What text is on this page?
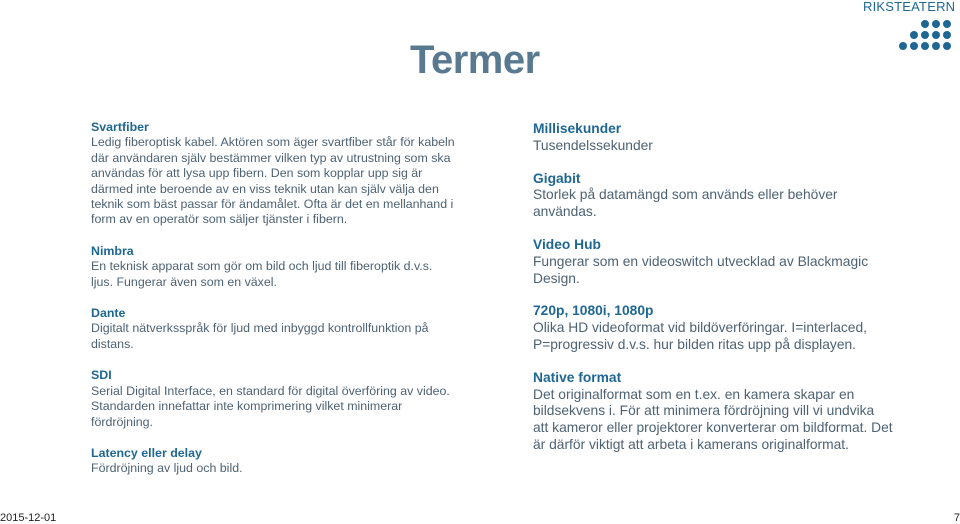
RIKSTEATERN
Termer

Svartfiber
Ledig fiberoptisk kabel. Aktören som äger svartfiber står för kabeln där användaren själv bestämmer vilken typ av utrustning som ska användas för att lysa upp fibern. Den som kopplar upp sig är därmed inte beroende av en viss teknik utan kan själv välja den teknik som bäst passar för ändamålet. Ofta är det en mellanhand i form av en operatör som säljer tjänster i fibern.

Nimbra
En teknisk apparat som gör om bild och ljud till fiberoptik d.v.s. ljus. Fungerar även som en växel.

Dante
Digitalt nätverksspråk för ljud med inbyggd kontrollfunktion på distans.

SDI
Serial Digital Interface, en standard för digital överföring av video. Standarden innefattar inte komprimering vilket minimerar fördröjning.

Latency eller delay
Fördröjning av ljud och bild.

Millisekunder
Tusendelssekunder

Gigabit
Storlek på datamängd som används eller behöver användas.

Video Hub
Fungerar som en videoswitch utvecklad av Blackmagic Design.

720p, 1080i, 1080p
Olika HD videoformat vid bildöverföringar. I=interlaced, P=progressiv d.v.s. hur bilden ritas upp på displayen.

Native format
Det originalformat som en t.ex. en kamera skapar en bildsekvens i. För att minimera fördröjning vill vi undvika att kameror eller projektorer konverterar om bildformat. Det är därför viktigt att arbeta i kamerans originalformat.

2015-12-01	7
